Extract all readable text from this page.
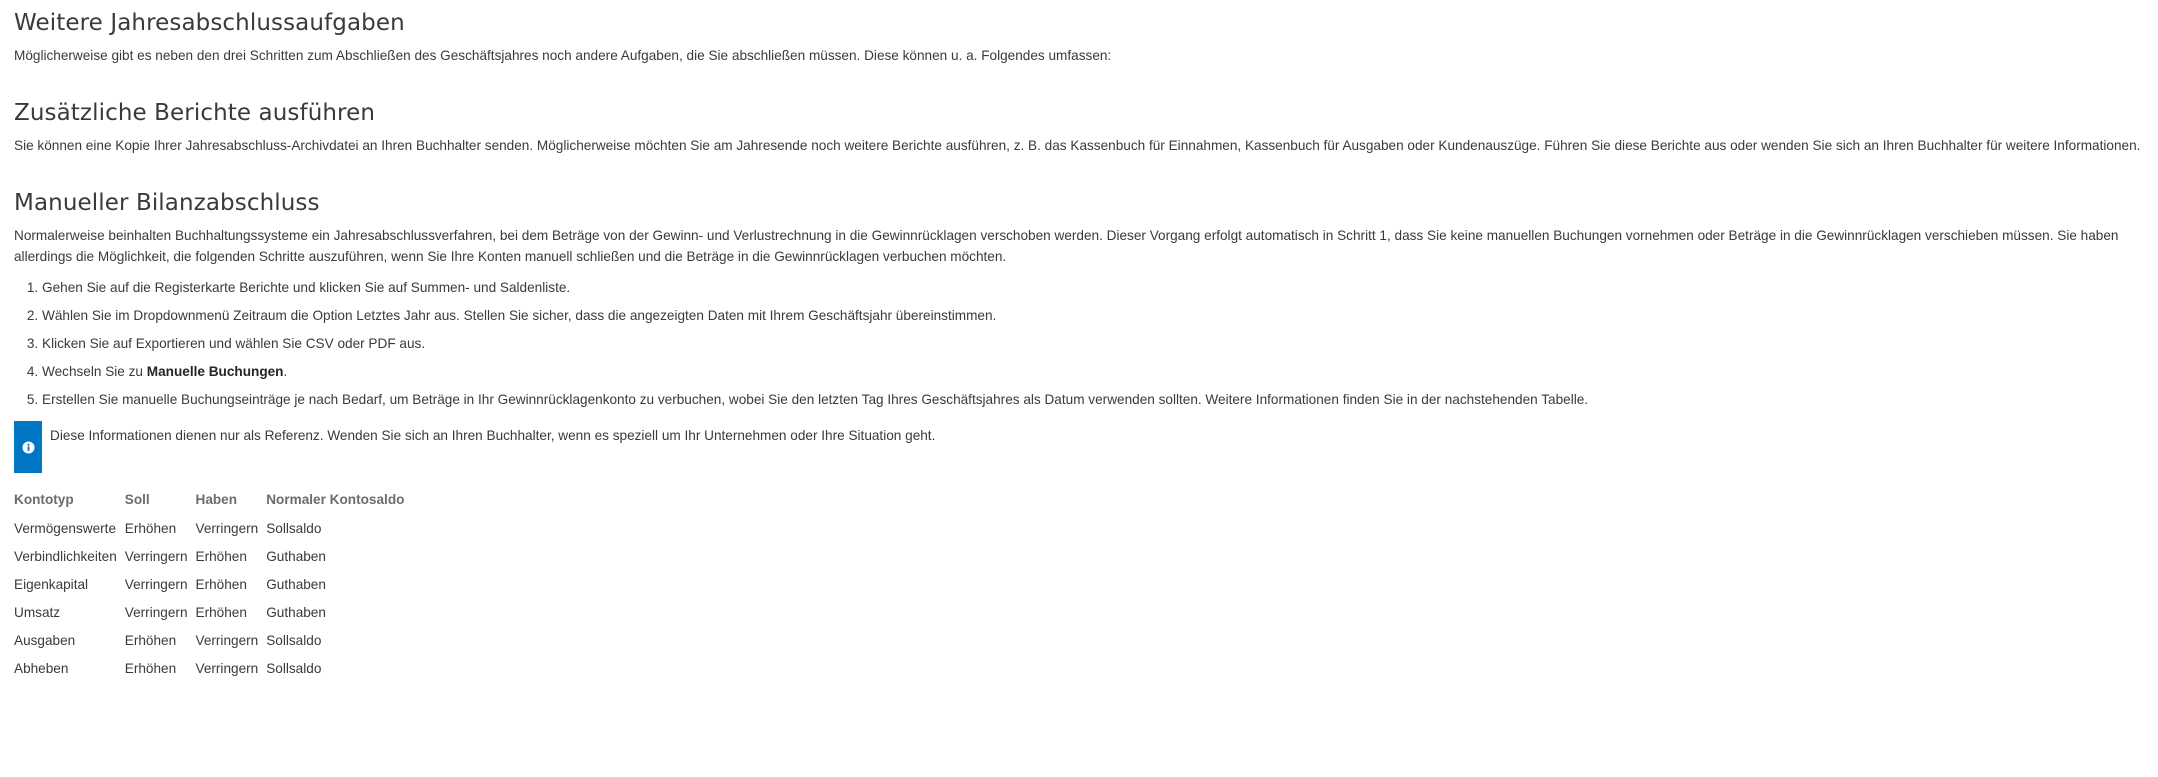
Weitere Jahresabschlussaufgaben

Möglicherweise gibt es neben den drei Schritten zum Abschließen des Geschäftsjahres noch andere Aufgaben, die Sie abschließen müssen. Diese können u. a. Folgendes umfassen:

Zusätzliche Berichte ausführen

Sie können eine Kopie Ihrer Jahresabschluss-Archivdatei an Ihren Buchhalter senden. Möglicherweise möchten Sie am Jahresende noch weitere Berichte ausführen, z. B. das Kassenbuch für Einnahmen, Kassenbuch für Ausgaben oder Kundenauszüge. Führen Sie diese Berichte aus oder wenden Sie sich an Ihren Buchhalter für weitere Informationen.

Manueller Bilanzabschluss

Normalerweise beinhalten Buchhaltungssysteme ein Jahresabschlussverfahren, bei dem Beträge von der Gewinn- und Verlustrechnung in die Gewinnrücklagen verschoben werden. Dieser Vorgang erfolgt automatisch in Schritt 1, dass Sie keine manuellen Buchungen vornehmen oder Beträge in die Gewinnrücklagen verschieben müssen. Sie haben allerdings die Möglichkeit, die folgenden Schritte auszuführen, wenn Sie Ihre Konten manuell schließen und die Beträge in die Gewinnrücklagen verbuchen möchten.

1. Gehen Sie auf die Registerkarte Berichte und klicken Sie auf Summen- und Saldenliste.
2. Wählen Sie im Dropdownmenü Zeitraum die Option Letztes Jahr aus. Stellen Sie sicher, dass die angezeigten Daten mit Ihrem Geschäftsjahr übereinstimmen.
3. Klicken Sie auf Exportieren und wählen Sie CSV oder PDF aus.
4. Wechseln Sie zu Manuelle Buchungen.
5. Erstellen Sie manuelle Buchungseinträge je nach Bedarf, um Beträge in Ihr Gewinnrücklagenkonto zu verbuchen, wobei Sie den letzten Tag Ihres Geschäftsjahres als Datum verwenden sollten. Weitere Informationen finden Sie in der nachstehenden Tabelle.
Diese Informationen dienen nur als Referenz. Wenden Sie sich an Ihren Buchhalter, wenn es speziell um Ihr Unternehmen oder Ihre Situation geht.
Kontotyp	Soll	Haben	Normaler Kontosaldo
Vermögenswerte	Erhöhen	Verringern	Sollsaldo
Verbindlichkeiten	Verringern	Erhöhen	Guthaben
Eigenkapital	Verringern	Erhöhen	Guthaben
Umsatz	Verringern	Erhöhen	Guthaben
Ausgaben	Erhöhen	Verringern	Sollsaldo
Abheben	Erhöhen	Verringern	Sollsaldo
